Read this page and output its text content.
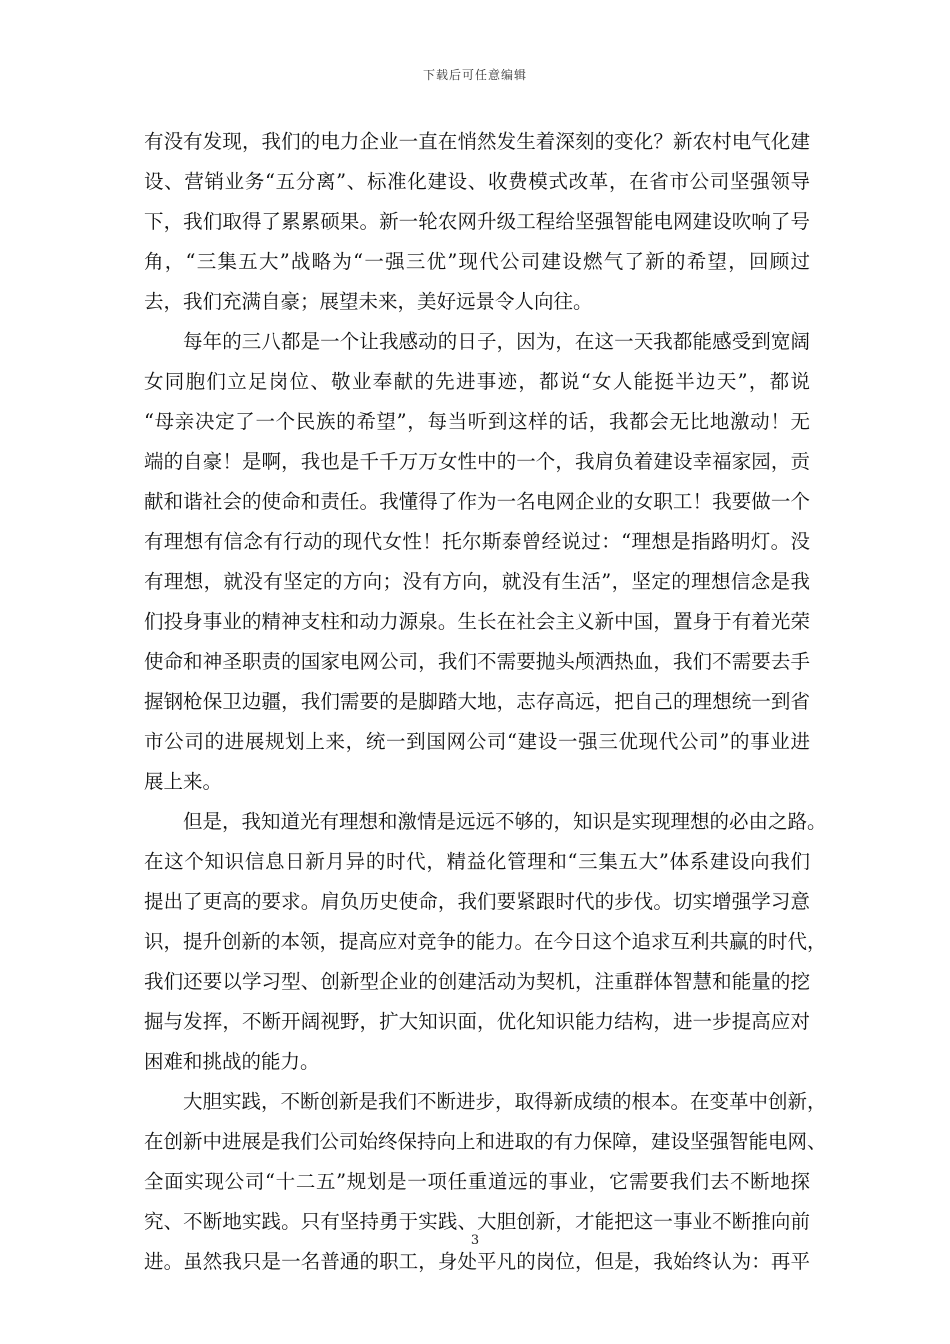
下载后可任意编辑
有没有发现，我们的电力企业一直在悄然发生着深刻的变化？新农村电气化建
设、营销业务“五分离”、标准化建设、收费模式改革，在省市公司坚强领导
下，我们取得了累累硕果。新一轮农网升级工程给坚强智能电网建设吹响了号
角，“三集五大”战略为“一强三优”现代公司建设燃气了新的希望，回顾过
去，我们充满自豪；展望未来，美好远景令人向往。
每年的三八都是一个让我感动的日子，因为，在这一天我都能感受到宽阔
女同胞们立足岗位、敬业奉献的先进事迹，都说“女人能挺半边天”，都说
“母亲决定了一个民族的希望”，每当听到这样的话，我都会无比地激动！无
端的自豪！是啊，我也是千千万万女性中的一个，我肩负着建设幸福家园，贡
献和谐社会的使命和责任。我懂得了作为一名电网企业的女职工！我要做一个
有理想有信念有行动的现代女性！托尔斯泰曾经说过：“理想是指路明灯。没
有理想，就没有坚定的方向；没有方向，就没有生活”，坚定的理想信念是我
们投身事业的精神支柱和动力源泉。生长在社会主义新中国，置身于有着光荣
使命和神圣职责的国家电网公司，我们不需要抛头颅洒热血，我们不需要去手
握钢枪保卫边疆，我们需要的是脚踏大地，志存高远，把自己的理想统一到省
市公司的进展规划上来，统一到国网公司“建设一强三优现代公司”的事业进
展上来。
但是，我知道光有理想和激情是远远不够的，知识是实现理想的必由之路。
在这个知识信息日新月异的时代，精益化管理和“三集五大”体系建设向我们
提出了更高的要求。肩负历史使命，我们要紧跟时代的步伐。切实增强学习意
识，提升创新的本领，提高应对竞争的能力。在今日这个追求互利共赢的时代，
我们还要以学习型、创新型企业的创建活动为契机，注重群体智慧和能量的挖
掘与发挥，不断开阔视野，扩大知识面，优化知识能力结构，进一步提高应对
困难和挑战的能力。
大胆实践，不断创新是我们不断进步，取得新成绩的根本。在变革中创新，
在创新中进展是我们公司始终保持向上和进取的有力保障，建设坚强智能电网、
全面实现公司“十二五”规划是一项任重道远的事业，它需要我们去不断地探
究、不断地实践。只有坚持勇于实践、大胆创新，才能把这一事业不断推向前
进。虽然我只是一名普通的职工，身处平凡的岗位，但是，我始终认为：再平
3
